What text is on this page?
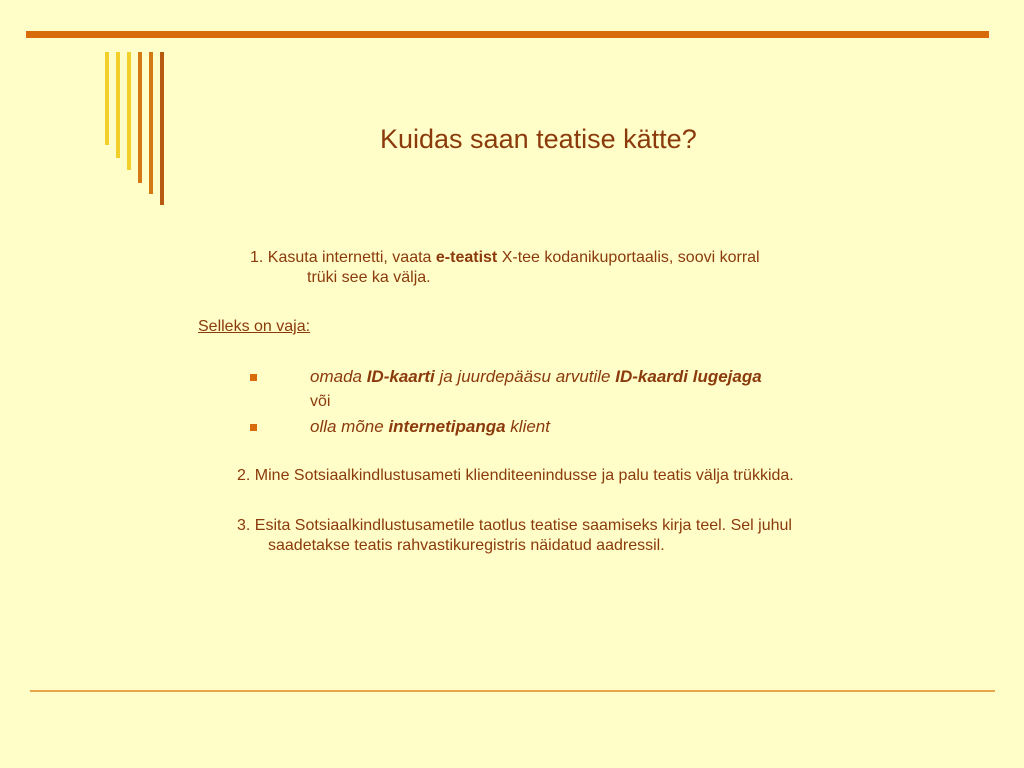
Kuidas saan teatise kätte?

1. Kasuta internetti, vaata e-teatist X-tee kodanikuportaalis, soovi korral
trüki see ka välja.

Selleks on vaja:

omada ID-kaarti ja juurdepääsu arvutile ID-kaardi lugejaga
või
olla mõne internetipanga klient

2. Mine Sotsiaalkindlustusameti klienditeenindusse ja palu teatis välja trükkida.

3. Esita Sotsiaalkindlustusametile taotlus teatise saamiseks kirja teel. Sel juhul
saadetakse teatis rahvastikuregistris näidatud aadressil.
